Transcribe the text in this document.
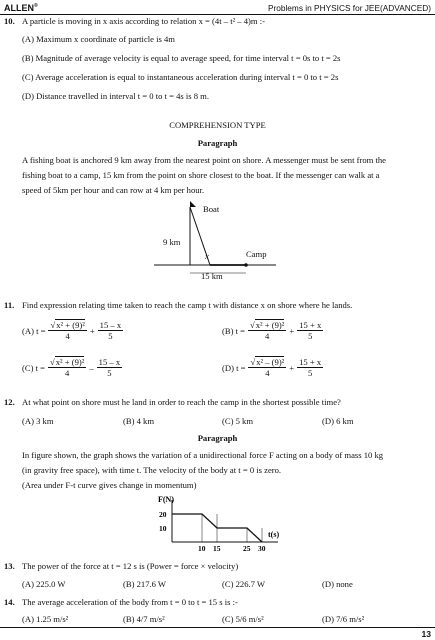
ALLEN®	Problems in PHYSICS for JEE(ADVANCED)
10. A particle is moving in x axis according to relation x = (4t – t² – 4)m :-
(A) Maximum x coordinate of particle is 4m
(B) Magnitude of average velocity is equal to average speed, for time interval t = 0s to t = 2s
(C) Average acceleration is equal to instantaneous acceleration during interval t = 0 to t = 2s
(D) Distance travelled in interval t = 0 to t = 4s is 8 m.
COMPREHENSION TYPE
Paragraph
A fishing boat is anchored 9 km away from the nearest point on shore. A messenger must be sent from the
fishing boat to a camp, 15 km from the point on shore closest to the boat. If the messenger can walk at a
speed of 5km per hour and can row at 4 km per hour.
Boat
9 km
x	Camp
15 km
11. Find expression relating time taken to reach the camp t with distance x on shore where he lands.
(A) $t = \frac{\text{√x² + (9)²}}{4} + \frac{15 - x}{5}$	(B) $t = \frac{\text{√x² + (9)²}}{4} + \frac{15 + x}{5}$
(C) $t = \frac{\text{√x² + (9)²}}{4} - \frac{15 - x}{5}$	(D) $t = \frac{\text{√x² – (9)²}}{4} + \frac{15 + x}{5}$
12. At what point on shore must he land in order to reach the camp in the shortest possible time?
(A) 3 km	(B) 4 km	(C) 5 km	(D) 6 km
Paragraph
In figure shown, the graph shows the variation of a unidirectional force F acting on a body of mass 10 kg
(in gravity free space), with time t. The velocity of the body at t = 0 is zero.
(Area under F-t curve gives change in momentum)
F(N)
t(s)
20
10
10 15	25 30
13. The power of the force at t = 12 s is (Power = force × velocity)
(A) 225.0 W	(B) 217.6 W	(C) 226.7 W	(D) none
14. The average acceleration of the body from t = 0 to t = 15 s is :-
(A) 1.25 m/s²	(B) 4/7 m/s²	(C) 5/6 m/s²	(D) 7/6 m/s²
13
